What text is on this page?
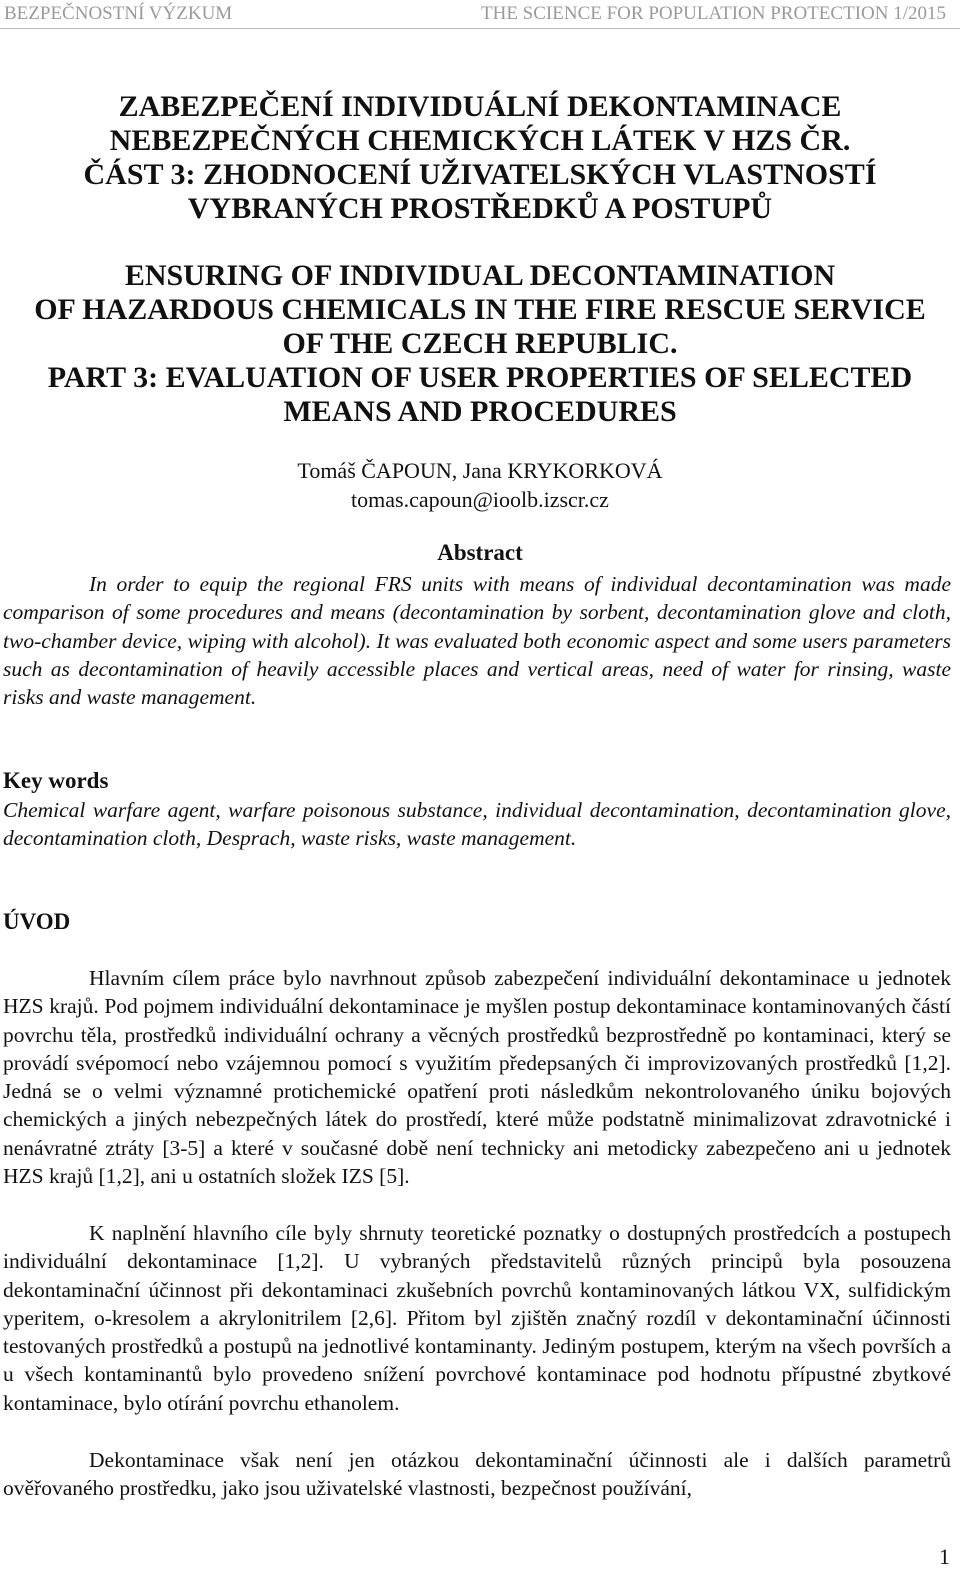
BEZPEČNOSTNÍ VÝZKUM	THE SCIENCE FOR POPULATION PROTECTION 1/2015
ZABEZPEČENÍ INDIVIDUÁLNÍ DEKONTAMINACE
NEBEZPEČNÝCH CHEMICKÝCH LÁTEK V HZS ČR.
ČÁST 3: ZHODNOCENÍ UŽIVATELSKÝCH VLASTNOSTÍ
VYBRANÝCH PROSTŘEDKŮ A POSTUPŮ
ENSURING OF INDIVIDUAL DECONTAMINATION
OF HAZARDOUS CHEMICALS IN THE FIRE RESCUE SERVICE
OF THE CZECH REPUBLIC.
PART 3: EVALUATION OF USER PROPERTIES OF SELECTED
MEANS AND PROCEDURES
Tomáš ČAPOUN, Jana KRYKORKOVÁ
tomas.capoun@ioolb.izscr.cz
Abstract
In order to equip the regional FRS units with means of individual decontamination was made comparison of some procedures and means (decontamination by sorbent, decontamination glove and cloth, two-chamber device, wiping with alcohol). It was evaluated both economic aspect and some users parameters such as decontamination of heavily accessible places and vertical areas, need of water for rinsing, waste risks and waste management.
Key words
Chemical warfare agent, warfare poisonous substance, individual decontamination, decontamination glove, decontamination cloth, Desprach, waste risks, waste management.
ÚVOD
Hlavním cílem práce bylo navrhnout způsob zabezpečení individuální dekontaminace u jednotek HZS krajů. Pod pojmem individuální dekontaminace je myšlen postup dekontaminace kontaminovaných částí povrchu těla, prostředků individuální ochrany a věcných prostředků bezprostředně po kontaminaci, který se provádí svépomocí nebo vzájemnou pomocí s využitím předepsaných či improvizovaných prostředků [1,2]. Jedná se o velmi významné protichemické opatření proti následkům nekontrolovaného úniku bojových chemických a jiných nebezpečných látek do prostředí, které může podstatně minimalizovat zdravotnické i nenávratné ztráty [3-5] a které v současné době není technicky ani metodicky zabezpečeno ani u jednotek HZS krajů [1,2], ani u ostatních složek IZS [5].
K naplnění hlavního cíle byly shrnuty teoretické poznatky o dostupných prostředcích a postupech individuální dekontaminace [1,2]. U vybraných představitelů různých principů byla posouzena dekontaminační účinnost při dekontaminaci zkušebních povrchů kontaminovaných látkou VX, sulfidickým yperitem, o-kresolem a akrylonitrilem [2,6]. Přitom byl zjištěn značný rozdíl v dekontaminační účinnosti testovaných prostředků a postupů na jednotlivé kontaminanty. Jediným postupem, kterým na všech površích a u všech kontaminantů bylo provedeno snížení povrchové kontaminace pod hodnotu přípustné zbytkové kontaminace, bylo otírání povrchu ethanolem.
Dekontaminace však není jen otázkou dekontaminační účinnosti ale i dalších parametrů ověřovaného prostředku, jako jsou uživatelské vlastnosti, bezpečnost používání,
1
